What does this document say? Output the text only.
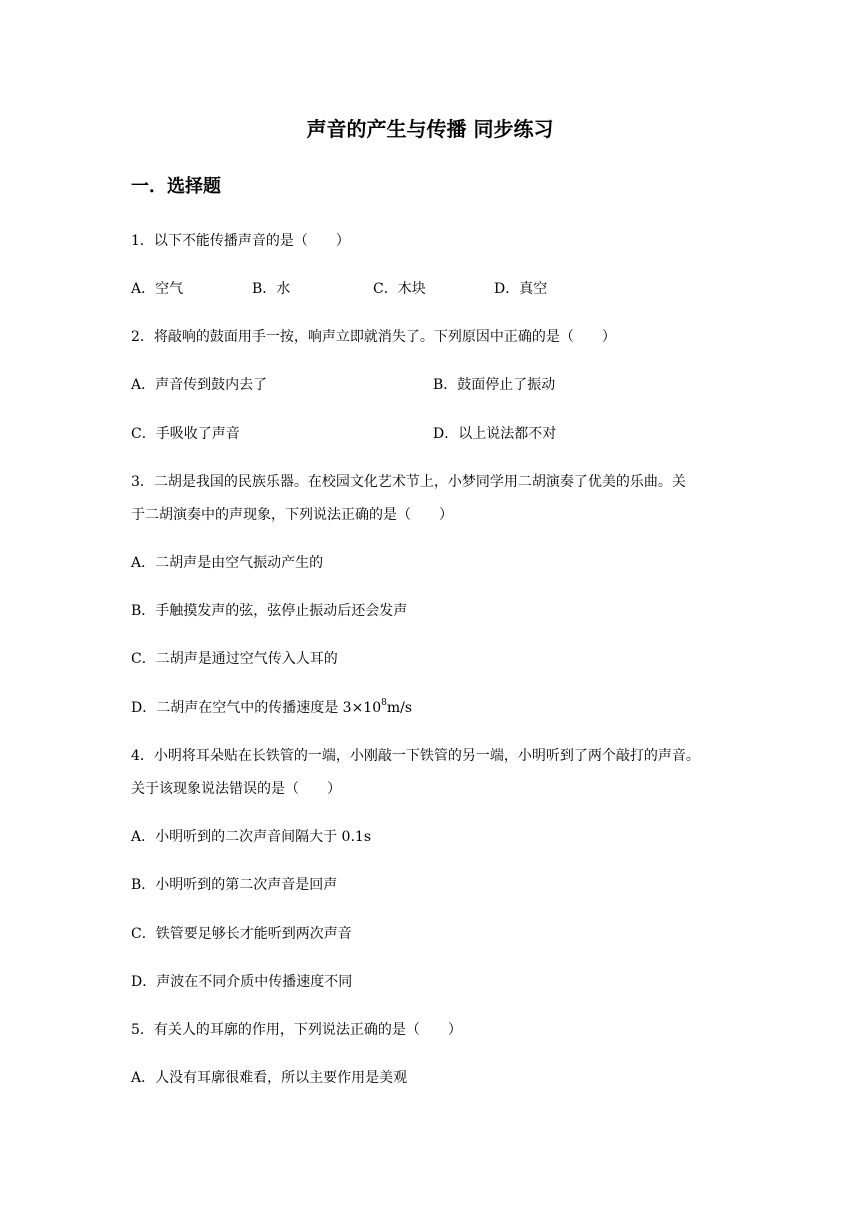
声音的产生与传播 同步练习
一．选择题
1．以下不能传播声音的是（　　）
A．空气	B．水	C．木块	D．真空
2．将敲响的鼓面用手一按，响声立即就消失了。下列原因中正确的是（　　）
A．声音传到鼓内去了	B．鼓面停止了振动
C．手吸收了声音	D．以上说法都不对
3．二胡是我国的民族乐器。在校园文化艺术节上，小梦同学用二胡演奏了优美的乐曲。关
于二胡演奏中的声现象，下列说法正确的是（　　）
A．二胡声是由空气振动产生的
B．手触摸发声的弦，弦停止振动后还会发声
C．二胡声是通过空气传入人耳的
D．二胡声在空气中的传播速度是 $3\times 10^8m/s$
4．小明将耳朵贴在长铁管的一端，小刚敲一下铁管的另一端，小明听到了两个敲打的声音。
关于该现象说法错误的是（　　）
A．小明听到的二次声音间隔大于 0.1s
B．小明听到的第二次声音是回声
C．铁管要足够长才能听到两次声音
D．声波在不同介质中传播速度不同
5．有关人的耳廓的作用，下列说法正确的是（　　）
A．人没有耳廓很难看，所以主要作用是美观
